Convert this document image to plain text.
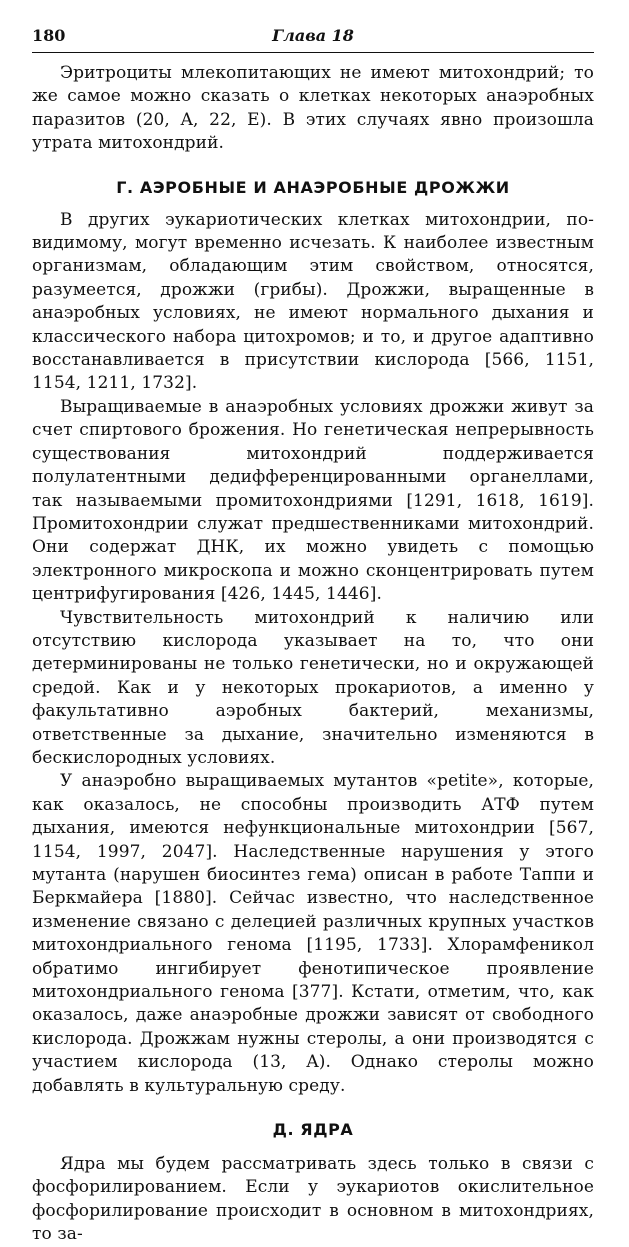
180	Глава 18

Эритроциты млекопитающих не имеют митохондрий; то же самое можно сказать о клетках некоторых анаэробных паразитов (20, A, 22, E). В этих случаях явно произошла утрата митохондрий.

Г. АЭРОБНЫЕ И АНАЭРОБНЫЕ ДРОЖЖИ

В других эукариотических клетках митохондрии, по-видимому, могут временно исчезать. К наиболее известным организмам, обладающим этим свойством, относятся, разумеется, дрожжи (грибы). Дрожжи, выращенные в анаэробных условиях, не имеют нормального дыхания и классического набора цитохромов; и то, и другое адаптивно восстанавливается в присутствии кислорода [566, 1151, 1154, 1211, 1732].

Выращиваемые в анаэробных условиях дрожжи живут за счет спиртового брожения. Но генетическая непрерывность существования митохондрий поддерживается полулатентными дедифференцированными органеллами, так называемыми промитохондриями [1291, 1618, 1619]. Промитохондрии служат предшественниками митохондрий. Они содержат ДНК, их можно увидеть с помощью электронного микроскопа и можно сконцентрировать путем центрифугирования [426, 1445, 1446].

Чувствительность митохондрий к наличию или отсутствию кислорода указывает на то, что они детерминированы не только генетически, но и окружающей средой. Как и у некоторых прокариотов, а именно у факультативно аэробных бактерий, механизмы, ответственные за дыхание, значительно изменяются в бескислородных условиях.

У анаэробно выращиваемых мутантов «petite», которые, как оказалось, не способны производить АТФ путем дыхания, имеются нефункциональные митохондрии [567, 1154, 1997, 2047]. Наследственные нарушения у этого мутанта (нарушен биосинтез гема) описан в работе Таппи и Беркмайера [1880]. Сейчас известно, что наследственное изменение связано с делецией различных крупных участков митохондриального генома [1195, 1733]. Хлорамфеникол обратимо ингибирует фенотипическое проявление митохондриального генома [377]. Кстати, отметим, что, как оказалось, даже анаэробные дрожжи зависят от свободного кислорода. Дрожжам нужны стеролы, а они производятся с участием кислорода (13, A). Однако стеролы можно добавлять в культуральную среду.

Д. ЯДРА

Ядра мы будем рассматривать здесь только в связи с фосфорилированием. Если у эукариотов окислительное фосфорилирование происходит в основном в митохондриях, то за-
